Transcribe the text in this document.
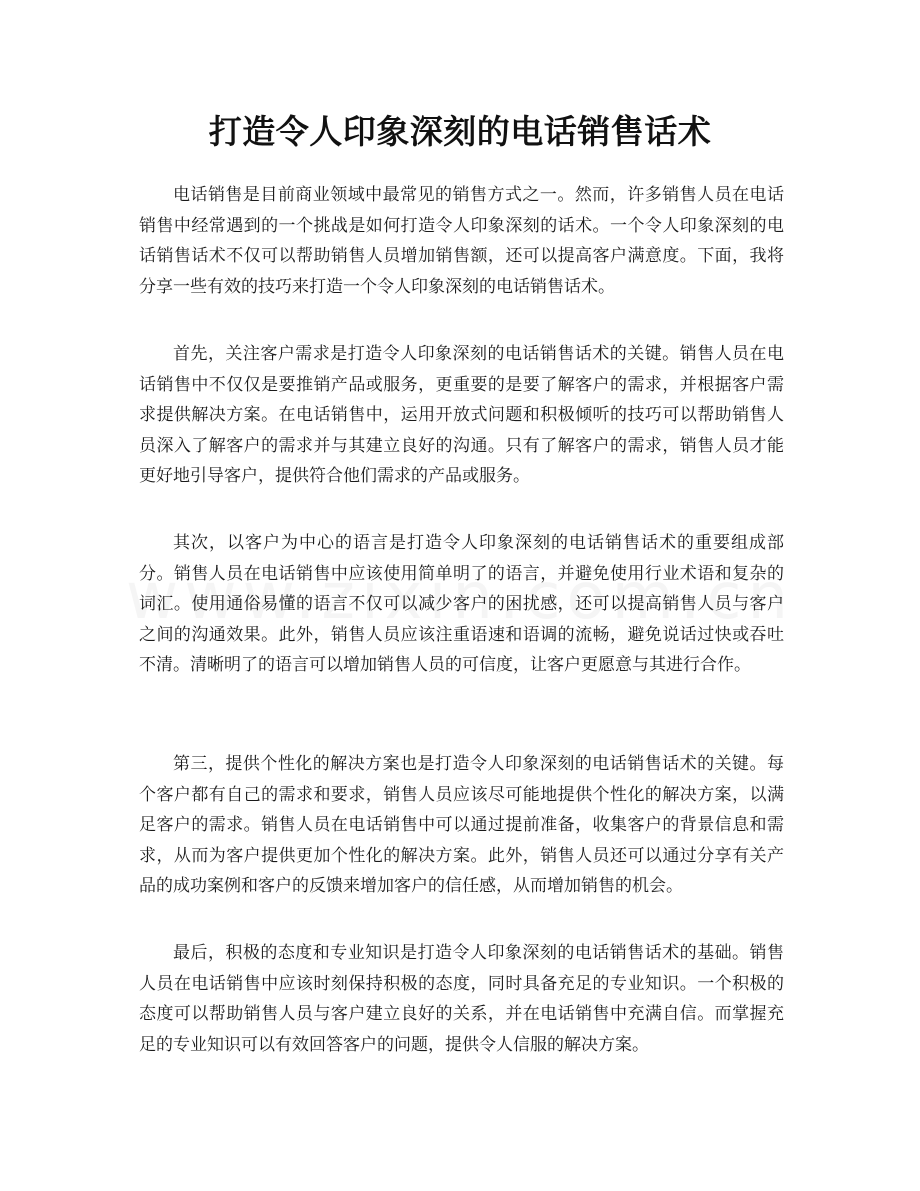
打造令人印象深刻的电话销售话术

电话销售是目前商业领域中最常见的销售方式之一。然而，许多销售人员在电话销售中经常遇到的一个挑战是如何打造令人印象深刻的话术。一个令人印象深刻的电话销售话术不仅可以帮助销售人员增加销售额，还可以提高客户满意度。下面，我将分享一些有效的技巧来打造一个令人印象深刻的电话销售话术。

首先，关注客户需求是打造令人印象深刻的电话销售话术的关键。销售人员在电话销售中不仅仅是要推销产品或服务，更重要的是要了解客户的需求，并根据客户需求提供解决方案。在电话销售中，运用开放式问题和积极倾听的技巧可以帮助销售人员深入了解客户的需求并与其建立良好的沟通。只有了解客户的需求，销售人员才能更好地引导客户，提供符合他们需求的产品或服务。

其次，以客户为中心的语言是打造令人印象深刻的电话销售话术的重要组成部分。销售人员在电话销售中应该使用简单明了的语言，并避免使用行业术语和复杂的词汇。使用通俗易懂的语言不仅可以减少客户的困扰感，还可以提高销售人员与客户之间的沟通效果。此外，销售人员应该注重语速和语调的流畅，避免说话过快或吞吐不清。清晰明了的语言可以增加销售人员的可信度，让客户更愿意与其进行合作。

第三，提供个性化的解决方案也是打造令人印象深刻的电话销售话术的关键。每个客户都有自己的需求和要求，销售人员应该尽可能地提供个性化的解决方案，以满足客户的需求。销售人员在电话销售中可以通过提前准备，收集客户的背景信息和需求，从而为客户提供更加个性化的解决方案。此外，销售人员还可以通过分享有关产品的成功案例和客户的反馈来增加客户的信任感，从而增加销售的机会。

最后，积极的态度和专业知识是打造令人印象深刻的电话销售话术的基础。销售人员在电话销售中应该时刻保持积极的态度，同时具备充足的专业知识。一个积极的态度可以帮助销售人员与客户建立良好的关系，并在电话销售中充满自信。而掌握充足的专业知识可以有效回答客户的问题，提供令人信服的解决方案。
